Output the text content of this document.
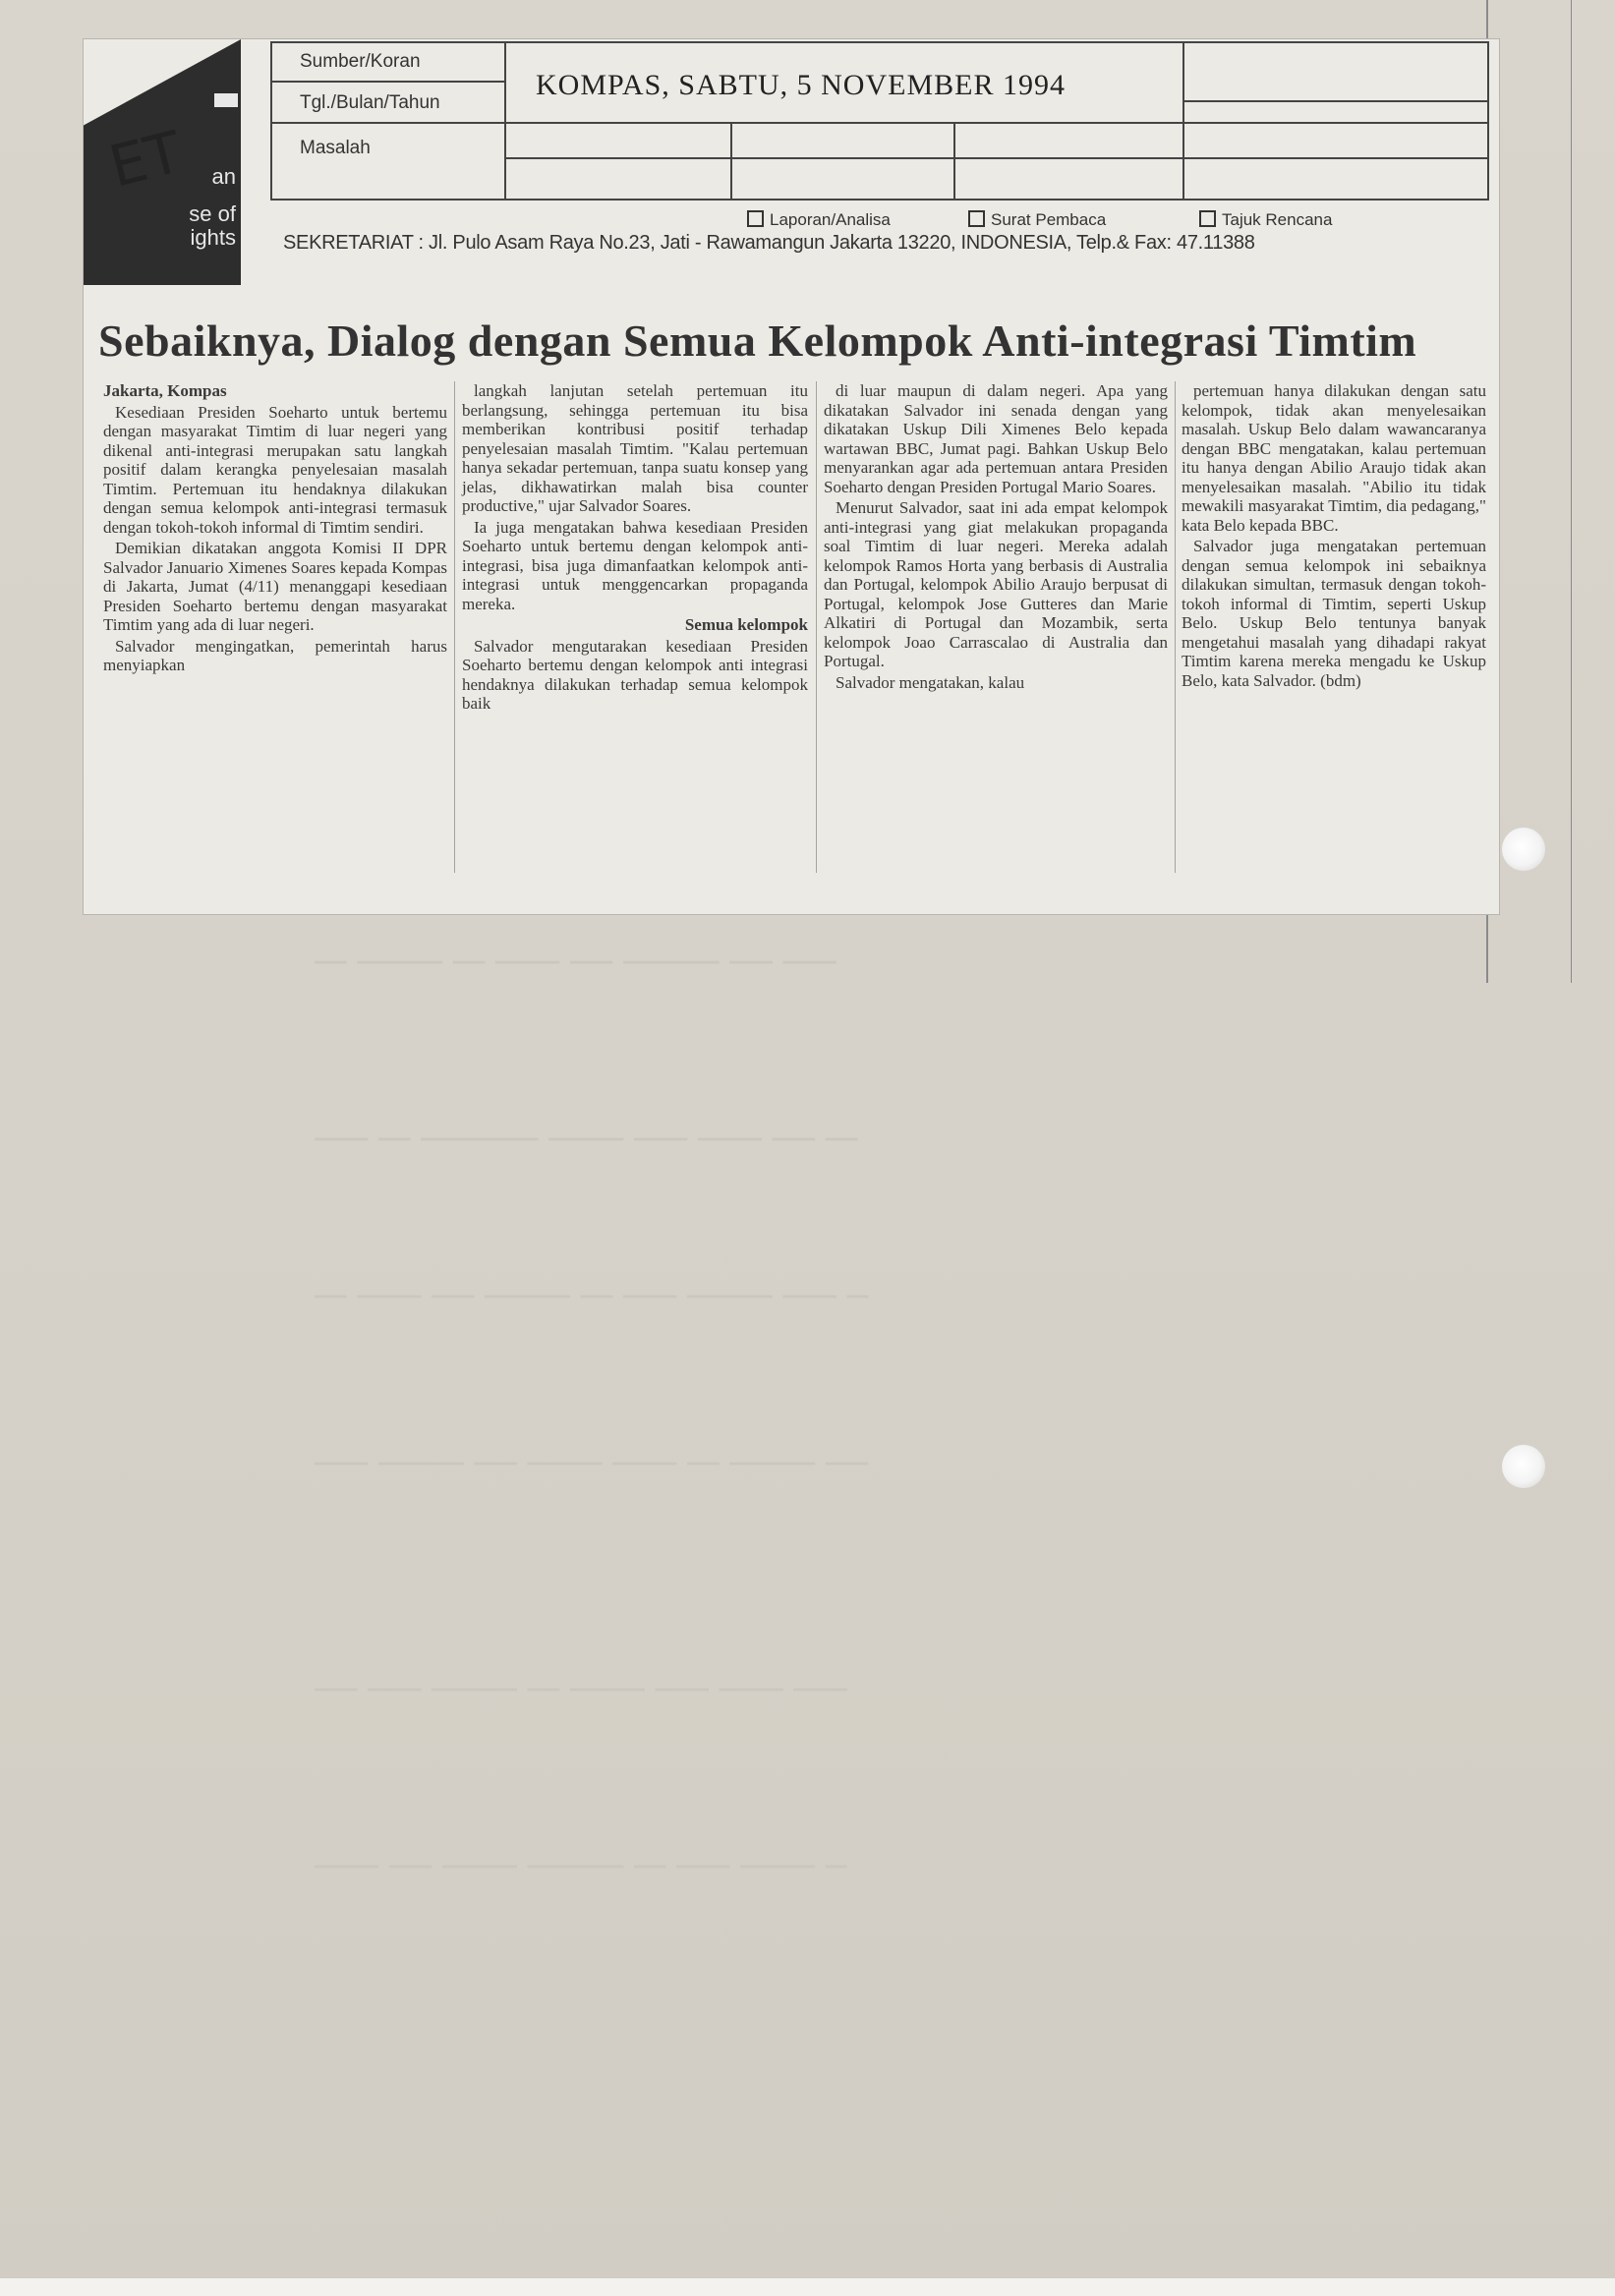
▁▁▁ ▁▁▁▁▁▁▁▁ ▁▁▁ ▁▁▁▁▁▁ ▁▁▁▁ ▁▁▁▁▁▁▁▁▁ ▁▁▁▁ ▁▁▁▁▁
▁▁▁▁▁ ▁▁▁ ▁▁▁▁▁▁▁▁▁▁▁ ▁▁▁▁▁▁▁ ▁▁▁▁▁ ▁▁▁▁▁▁ ▁▁▁▁ ▁▁▁
▁▁▁ ▁▁▁▁▁▁ ▁▁▁▁ ▁▁▁▁▁▁▁▁ ▁▁▁ ▁▁▁▁▁ ▁▁▁▁▁▁▁▁ ▁▁▁▁▁ ▁▁
▁▁▁▁▁ ▁▁▁▁▁▁▁▁ ▁▁▁▁ ▁▁▁▁▁▁▁ ▁▁▁▁▁▁ ▁▁▁ ▁▁▁▁▁▁▁▁ ▁▁▁▁
▁▁▁▁ ▁▁▁▁▁ ▁▁▁▁▁▁▁▁ ▁▁▁ ▁▁▁▁▁▁▁ ▁▁▁▁▁ ▁▁▁▁▁▁ ▁▁▁▁▁
▁▁▁▁▁▁ ▁▁▁▁ ▁▁▁▁▁▁▁ ▁▁▁▁▁▁▁▁▁ ▁▁▁ ▁▁▁▁▁ ▁▁▁▁▁▁▁ ▁▁
an
se of
ights
ET
Sumber/Koran
Tgl./Bulan/Tahun
Masalah
Laporan/Analisa	Surat Pembaca	Tajuk Rencana
KOMPAS, SABTU, 5 NOVEMBER 1994
SEKRETARIAT : Jl. Pulo Asam Raya No.23, Jati - Rawamangun Jakarta 13220, INDONESIA, Telp.& Fax: 47.11388
Sebaiknya, Dialog dengan Semua Kelompok Anti-integrasi Timtim

Jakarta, Kompas

Kesediaan Presiden Soeharto untuk bertemu dengan masyarakat Timtim di luar negeri yang dikenal anti-integrasi merupakan satu langkah positif dalam kerangka penyelesaian masalah Timtim. Pertemuan itu hendaknya dilakukan dengan semua kelompok anti-integrasi termasuk dengan tokoh-tokoh informal di Timtim sendiri.

Demikian dikatakan anggota Komisi II DPR Salvador Januario Ximenes Soares kepada Kompas di Jakarta, Jumat (4/11) menanggapi kesediaan Presiden Soeharto bertemu dengan masyarakat Timtim yang ada di luar negeri.

Salvador mengingatkan, pemerintah harus menyiapkan

langkah lanjutan setelah pertemuan itu berlangsung, sehingga pertemuan itu bisa memberikan kontribusi positif terhadap penyelesaian masalah Timtim. "Kalau pertemuan hanya sekadar pertemuan, tanpa suatu konsep yang jelas, dikhawatirkan malah bisa counter productive," ujar Salvador Soares.

Ia juga mengatakan bahwa kesediaan Presiden Soeharto untuk bertemu dengan kelompok anti-integrasi, bisa juga dimanfaatkan kelompok anti-integrasi untuk menggencarkan propaganda mereka.

Semua kelompok

Salvador mengutarakan kesediaan Presiden Soeharto bertemu dengan kelompok anti integrasi hendaknya dilakukan terhadap semua kelompok baik

di luar maupun di dalam negeri. Apa yang dikatakan Salvador ini senada dengan yang dikatakan Uskup Dili Ximenes Belo kepada wartawan BBC, Jumat pagi. Bahkan Uskup Belo menyarankan agar ada pertemuan antara Presiden Soeharto dengan Presiden Portugal Mario Soares.

Menurut Salvador, saat ini ada empat kelompok anti-integrasi yang giat melakukan propaganda soal Timtim di luar negeri. Mereka adalah kelompok Ramos Horta yang berbasis di Australia dan Portugal, kelompok Abilio Araujo berpusat di Portugal, kelompok Jose Gutteres dan Marie Alkatiri di Portugal dan Mozambik, serta kelompok Joao Carrascalao di Australia dan Portugal.

Salvador mengatakan, kalau

pertemuan hanya dilakukan dengan satu kelompok, tidak akan menyelesaikan masalah. Uskup Belo dalam wawancaranya dengan BBC mengatakan, kalau pertemuan itu hanya dengan Abilio Araujo tidak akan menyelesaikan masalah. "Abilio itu tidak mewakili masyarakat Timtim, dia pedagang," kata Belo kepada BBC.

Salvador juga mengatakan pertemuan dengan semua kelompok ini sebaiknya dilakukan simultan, termasuk dengan tokoh-tokoh informal di Timtim, seperti Uskup Belo. Uskup Belo tentunya banyak mengetahui masalah yang dihadapi rakyat Timtim karena mereka mengadu ke Uskup Belo, kata Salvador. (bdm)
